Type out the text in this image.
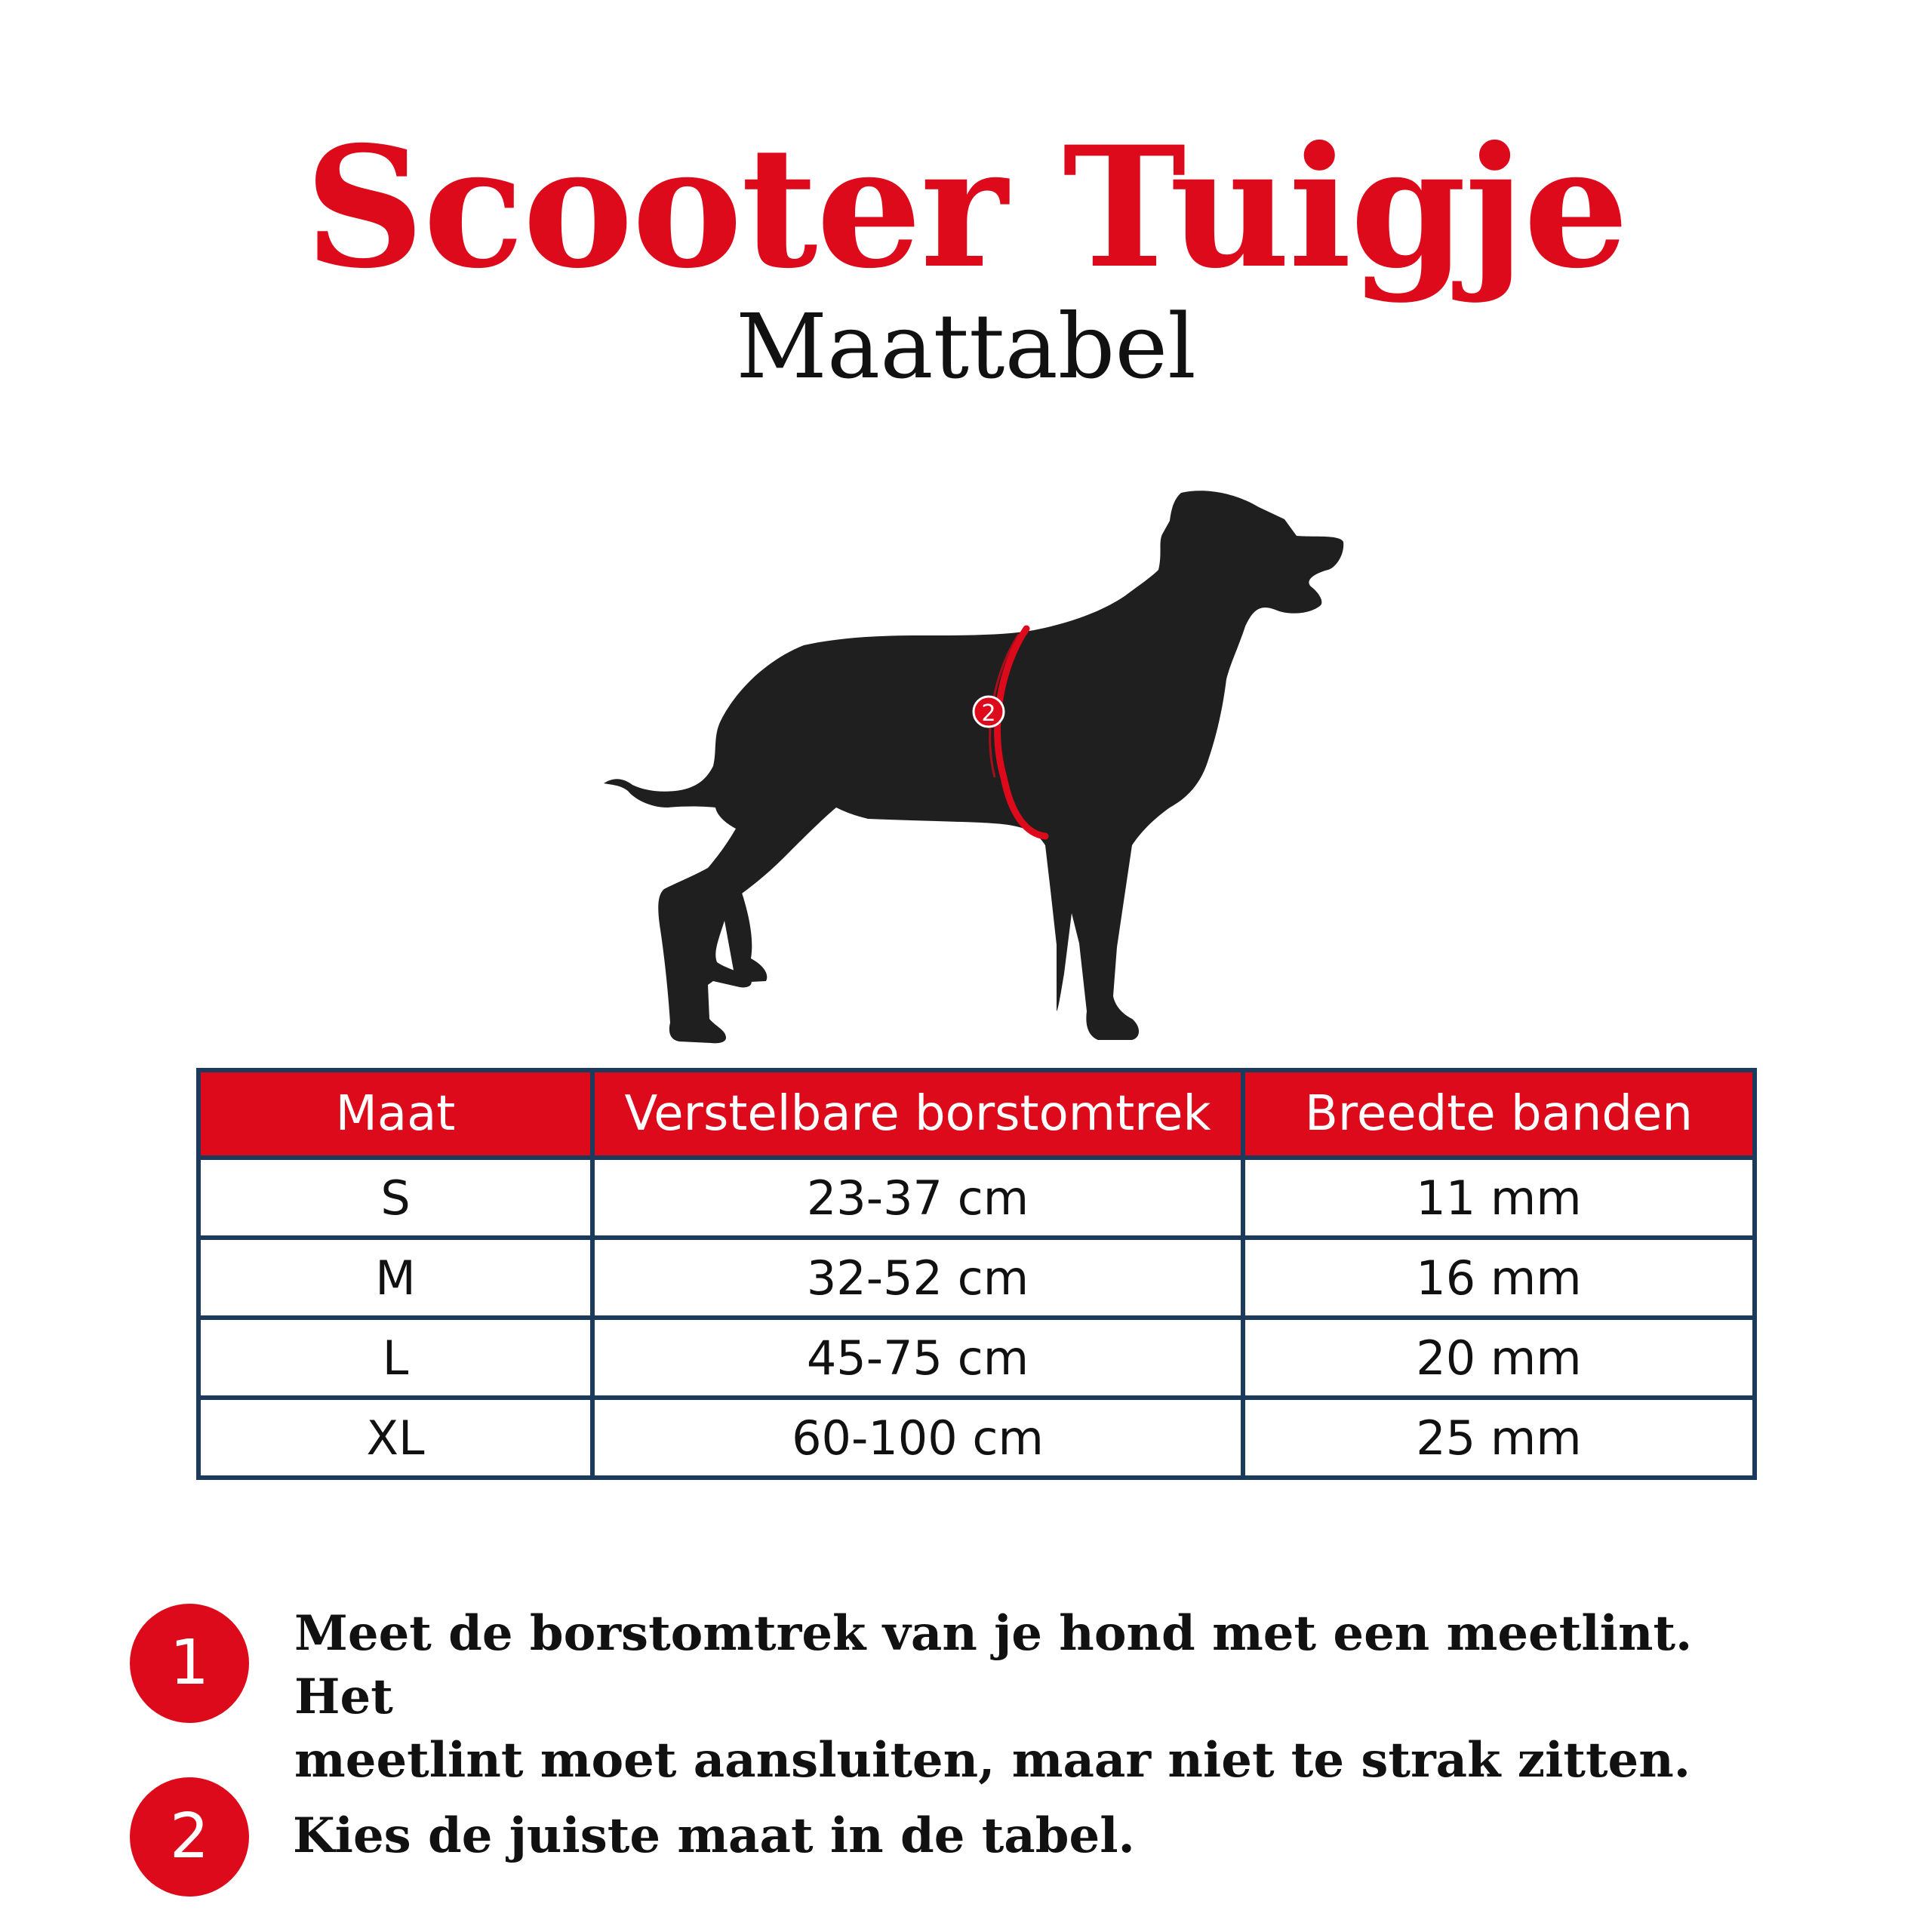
Scooter Tuigje
Maattabel
2
Maat	Verstelbare borstomtrek	Breedte banden
S	23-37 cm	11 mm
M	32-52 cm	16 mm
L	45-75 cm	20 mm
XL	60-100 cm	25 mm
1	Meet de borstomtrek van je hond met een meetlint. Het
meetlint moet aansluiten, maar niet te strak zitten.
2	Kies de juiste maat in de tabel.
